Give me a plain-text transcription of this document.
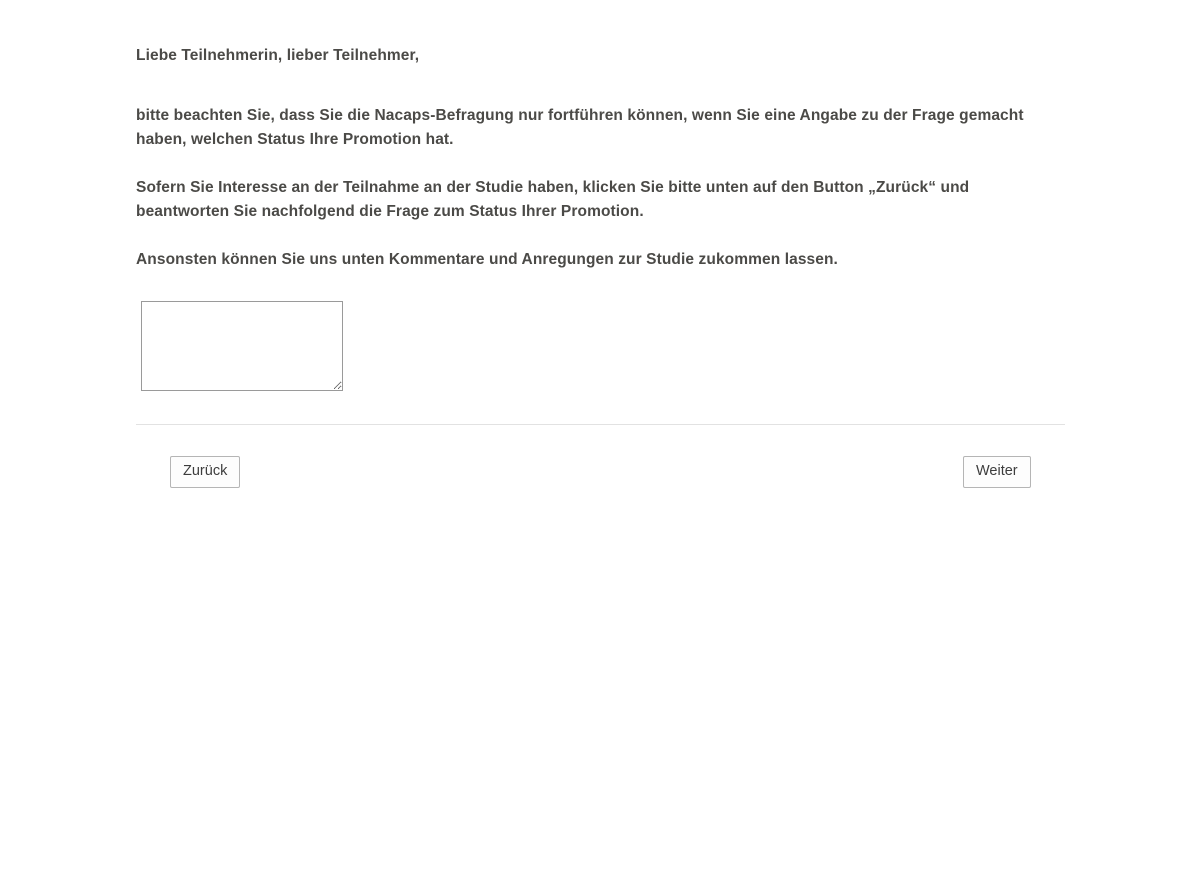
Liebe Teilnehmerin, lieber Teilnehmer,

bitte beachten Sie, dass Sie die Nacaps-Befragung nur fortführen können, wenn Sie eine Angabe zu der Frage gemacht haben, welchen Status Ihre Promotion hat.

Sofern Sie Interesse an der Teilnahme an der Studie haben, klicken Sie bitte unten auf den Button „Zurück“ und beantworten Sie nachfolgend die Frage zum Status Ihrer Promotion.

Ansonsten können Sie uns unten Kommentare und Anregungen zur Studie zukommen lassen.

Zurück	Weiter
